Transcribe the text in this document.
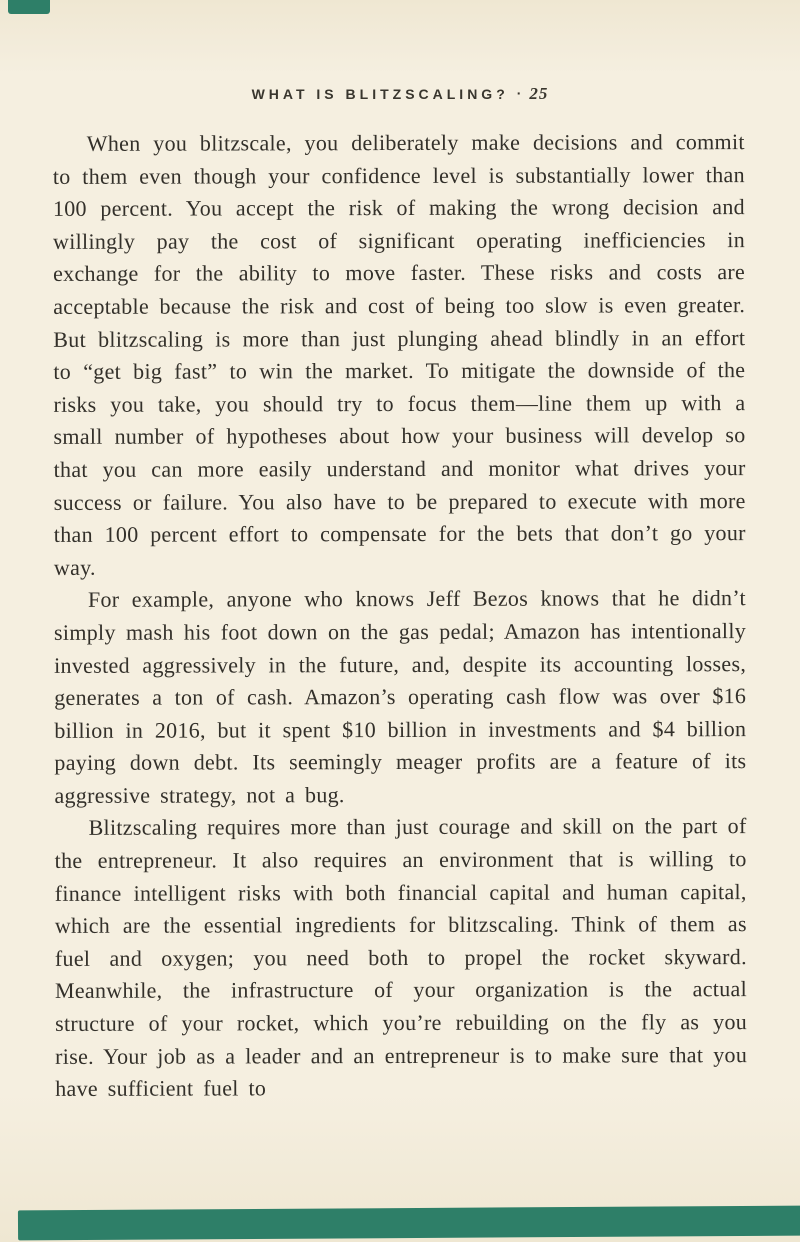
WHAT IS BLITZSCALING? · 25

When you blitzscale, you deliberately make decisions and commit to them even though your confidence level is substantially lower than 100 percent. You accept the risk of making the wrong decision and willingly pay the cost of significant operating inefficiencies in exchange for the ability to move faster. These risks and costs are acceptable because the risk and cost of being too slow is even greater. But blitzscaling is more than just plunging ahead blindly in an effort to “get big fast” to win the market. To mitigate the downside of the risks you take, you should try to focus them—line them up with a small number of hypotheses about how your business will develop so that you can more easily understand and monitor what drives your success or failure. You also have to be prepared to execute with more than 100 percent effort to compensate for the bets that don’t go your way.

For example, anyone who knows Jeff Bezos knows that he didn’t simply mash his foot down on the gas pedal; Amazon has intentionally invested aggressively in the future, and, despite its accounting losses, generates a ton of cash. Amazon’s operating cash flow was over $16 billion in 2016, but it spent $10 billion in investments and $4 billion paying down debt. Its seemingly meager profits are a feature of its aggressive strategy, not a bug.

Blitzscaling requires more than just courage and skill on the part of the entrepreneur. It also requires an environment that is willing to finance intelligent risks with both financial capital and human capital, which are the essential ingredients for blitzscaling. Think of them as fuel and oxygen; you need both to propel the rocket skyward. Meanwhile, the infrastructure of your organization is the actual structure of your rocket, which you’re rebuilding on the fly as you rise. Your job as a leader and an entrepreneur is to make sure that you have sufficient fuel to
